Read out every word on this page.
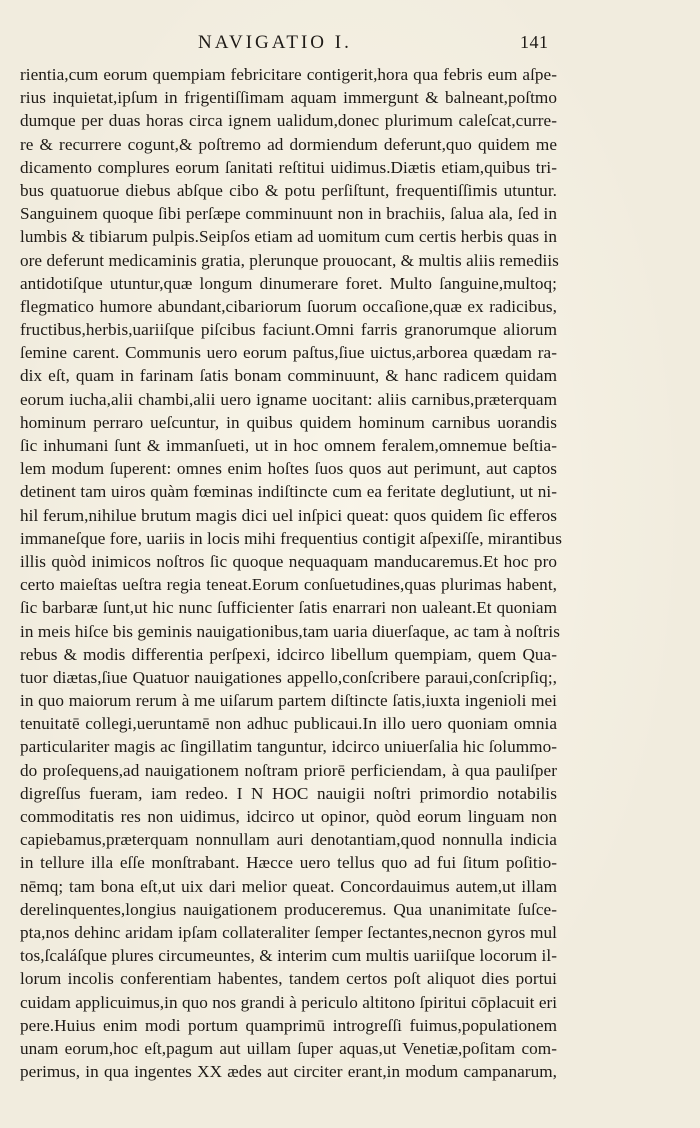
NAVIGATIO I.	141
rientia,cum eorum quempiam febricitare contigerit,hora qua febris eum aſpe-
rius inquietat,ipſum in frigentiſſimam aquam immergunt & balneant,poſtmo
dumque per duas horas circa ignem ualidum,donec plurimum caleſcat,curre-
re & recurrere cogunt,& poſtremo ad dormiendum deferunt,quo quidem me
dicamento complures eorum ſanitati reſtitui uidimus.Diætis etiam,quibus tri-
bus quatuorue diebus abſque cibo & potu perſiſtunt, frequentiſſimis utuntur.
Sanguinem quoque ſibi perſæpe comminuunt non in brachiis, ſalua ala, ſed in
lumbis & tibiarum pulpis.Seipſos etiam ad uomitum cum certis herbis quas in
ore deferunt medicaminis gratia, plerunque prouocant, & multis aliis remediis
antidotiſque utuntur,quæ longum dinumerare foret. Multo ſanguine,multoq;
flegmatico humore abundant,cibariorum ſuorum occaſione,quæ ex radicibus,
fructibus,herbis,uariiſque piſcibus faciunt.Omni farris granorumque aliorum
ſemine carent. Communis uero eorum paſtus,ſiue uictus,arborea quædam ra-
dix eſt, quam in farinam ſatis bonam comminuunt, & hanc radicem quidam
eorum iucha,alii chambi,alii uero igname uocitant: aliis carnibus,præterquam
hominum perraro ueſcuntur, in quibus quidem hominum carnibus uorandis
ſic inhumani ſunt & immanſueti, ut in hoc omnem feralem,omnemue beſtia-
lem modum ſuperent: omnes enim hoſtes ſuos quos aut perimunt, aut captos
detinent tam uiros quàm fœminas indiſtincte cum ea feritate deglutiunt, ut ni-
hil ferum,nihilue brutum magis dici uel inſpici queat: quos quidem ſic efferos
immaneſque fore, uariis in locis mihi frequentius contigit aſpexiſſe, mirantibus
illis quòd inimicos noſtros ſic quoque nequaquam manducaremus.Et hoc pro
certo maieſtas ueſtra regia teneat.Eorum conſuetudines,quas plurimas habent,
ſic barbaræ ſunt,ut hic nunc ſufficienter ſatis enarrari non ualeant.Et quoniam
in meis hiſce bis geminis nauigationibus,tam uaria diuerſaque, ac tam à noſtris
rebus & modis differentia perſpexi, idcirco libellum quempiam, quem Qua-
tuor diætas,ſiue Quatuor nauigationes appello,conſcribere paraui,conſcripſiq;,
in quo maiorum rerum à me uiſarum partem diſtincte ſatis,iuxta ingenioli mei
tenuitatē collegi,ueruntamē non adhuc publicaui.In illo uero quoniam omnia
particulariter magis ac ſingillatim tanguntur, idcirco uniuerſalia hic ſolummo-
do proſequens,ad nauigationem noſtram priorē perficiendam, à qua pauliſper
digreſſus fueram, iam redeo. I N HOC nauigii noſtri primordio notabilis
commoditatis res non uidimus, idcirco ut opinor, quòd eorum linguam non
capiebamus,præterquam nonnullam auri denotantiam,quod nonnulla indicia
in tellure illa eſſe monſtrabant. Hæcce uero tellus quo ad fui ſitum poſitio-
nēmq; tam bona eſt,ut uix dari melior queat. Concordauimus autem,ut illam
derelinquentes,longius nauigationem produceremus. Qua unanimitate ſuſce-
pta,nos dehinc aridam ipſam collateraliter ſemper ſectantes,necnon gyros mul
tos,ſcaláſque plures circumeuntes, & interim cum multis uariiſque locorum il-
lorum incolis conferentiam habentes, tandem certos poſt aliquot dies portui
cuidam applicuimus,in quo nos grandi à periculo altitono ſpiritui cōplacuit eri
pere.Huius enim modi portum quamprimū introgreſſi fuimus,populationem
unam eorum,hoc eſt,pagum aut uillam ſuper aquas,ut Venetiæ,poſitam com-
perimus, in qua ingentes XX ædes aut circiter erant,in modum campanarum,
